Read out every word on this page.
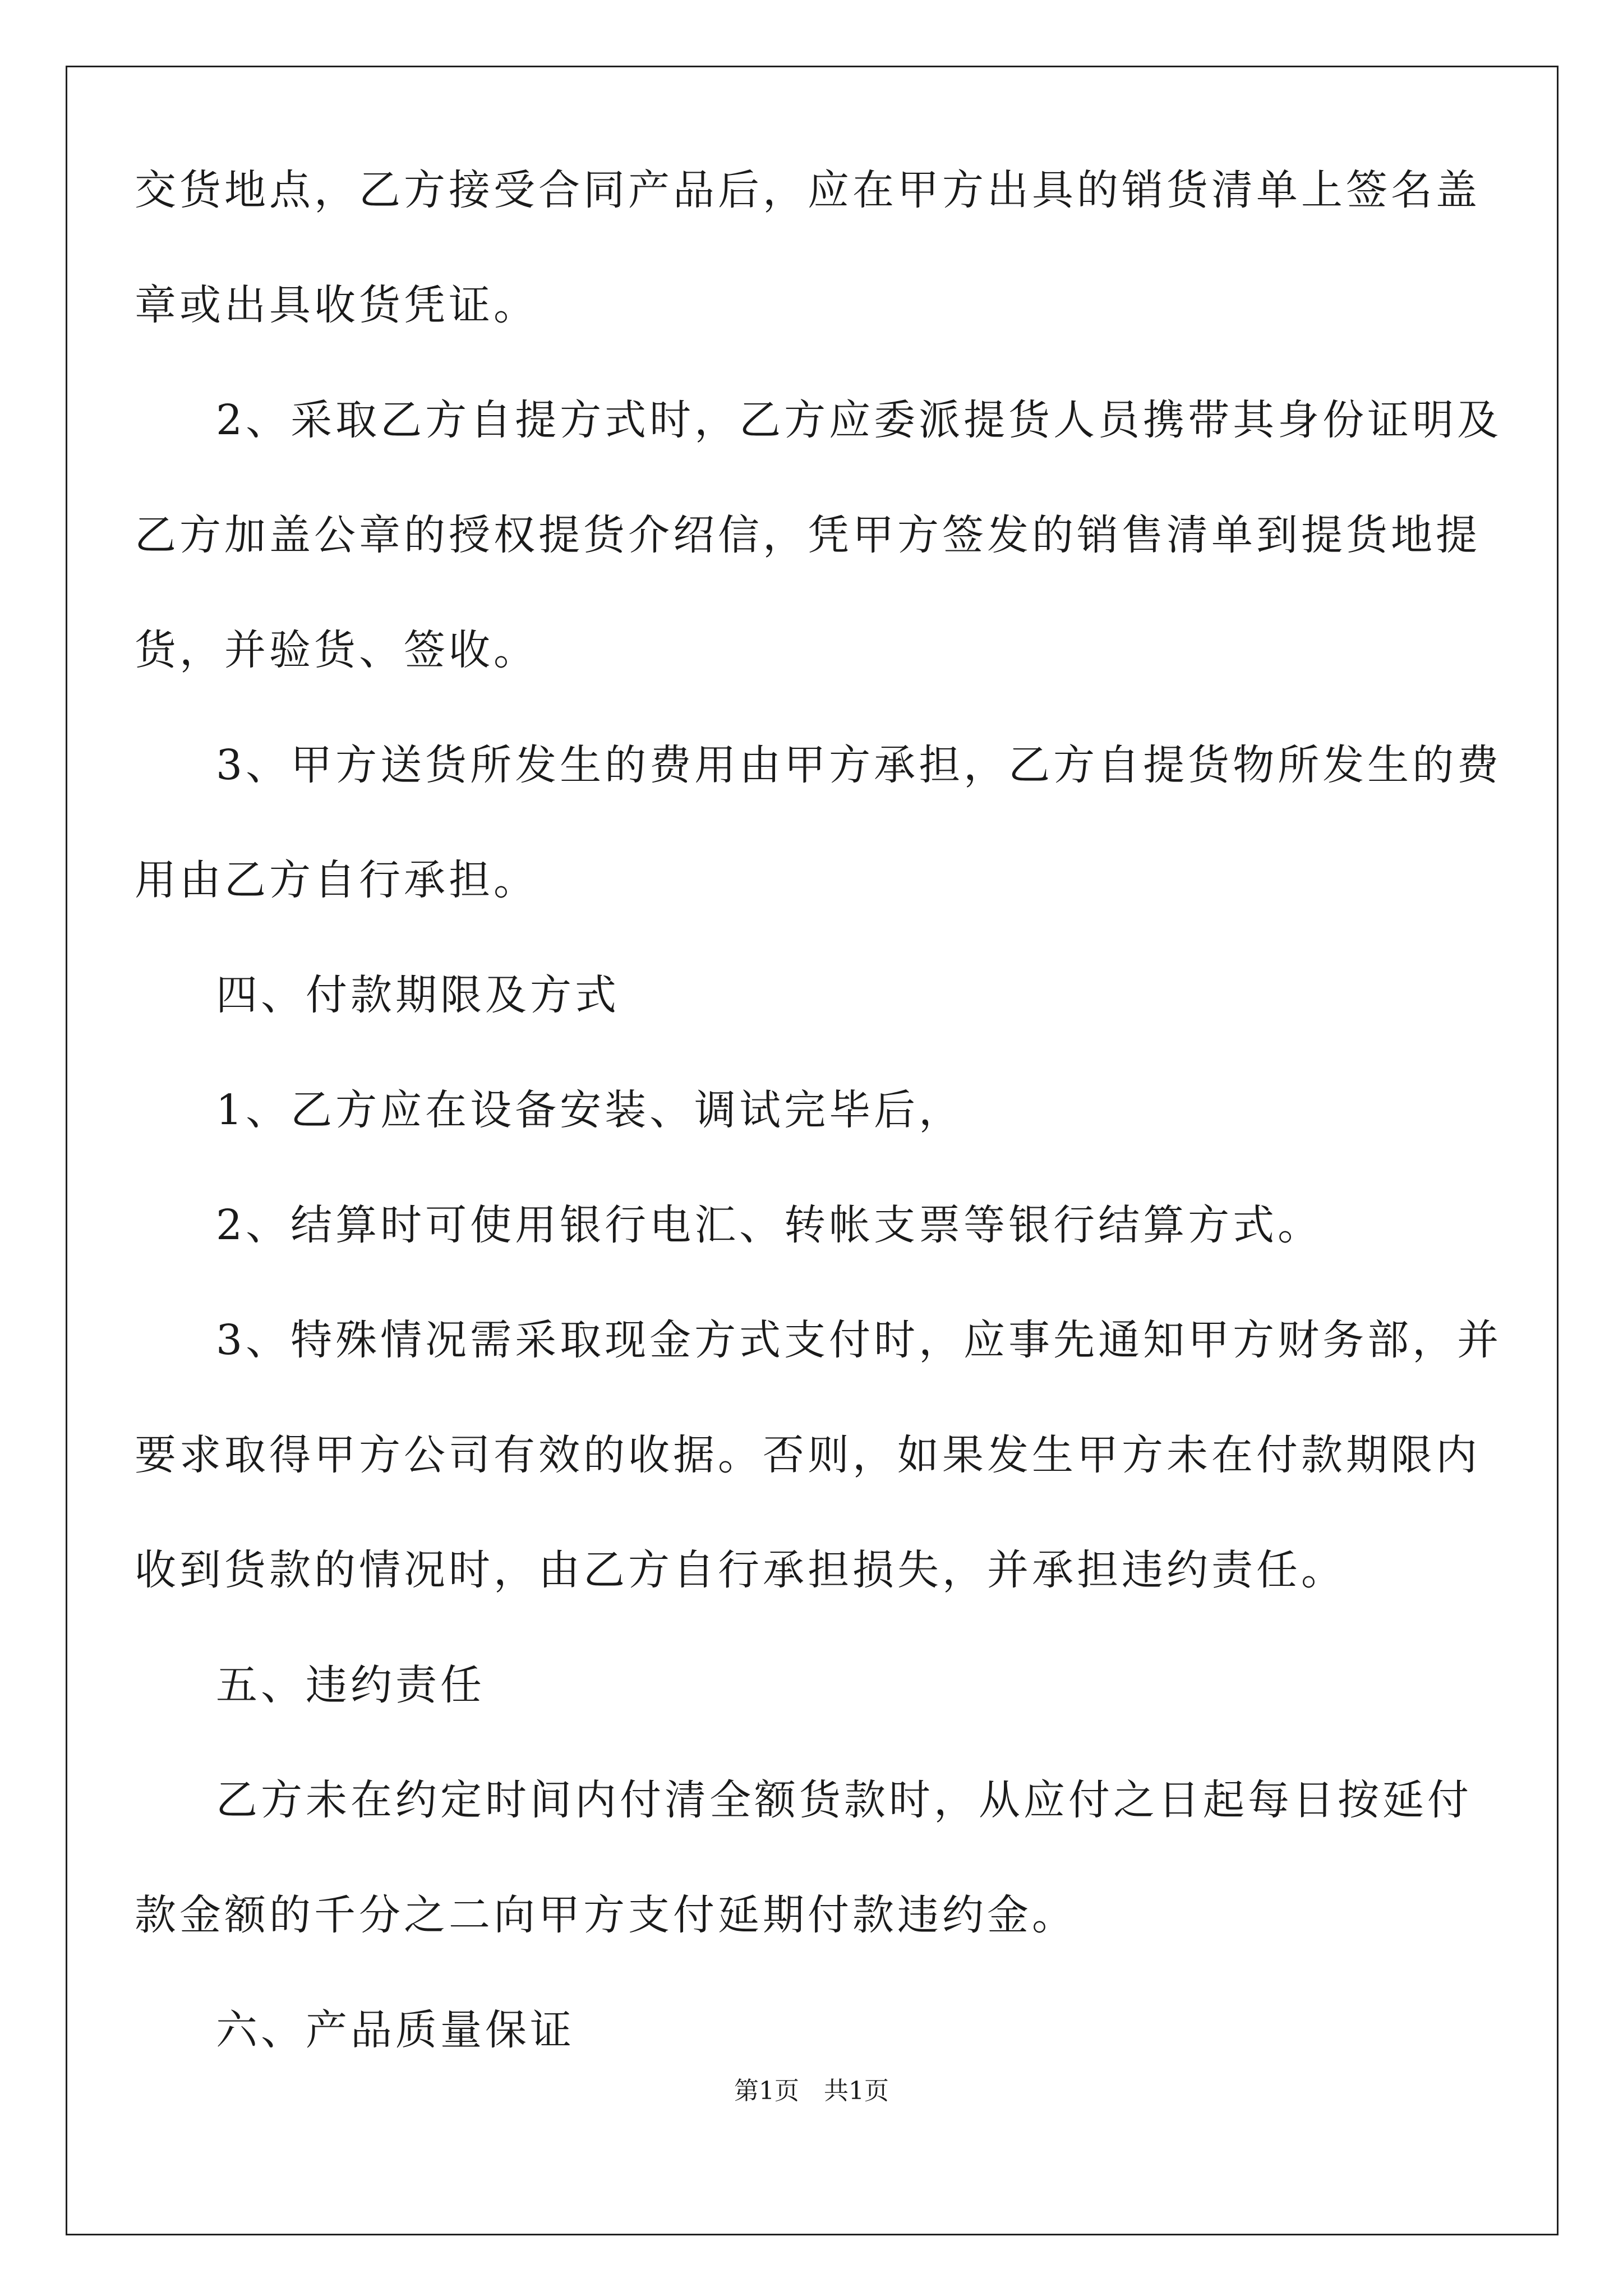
交货地点，乙方接受合同产品后，应在甲方出具的销货清单上签名盖
章或出具收货凭证。
2、采取乙方自提方式时，乙方应委派提货人员携带其身份证明及
乙方加盖公章的授权提货介绍信，凭甲方签发的销售清单到提货地提
货，并验货、签收。
3、甲方送货所发生的费用由甲方承担，乙方自提货物所发生的费
用由乙方自行承担。
四、付款期限及方式
1、乙方应在设备安装、调试完毕后，
2、结算时可使用银行电汇、转帐支票等银行结算方式。
3、特殊情况需采取现金方式支付时，应事先通知甲方财务部，并
要求取得甲方公司有效的收据。否则，如果发生甲方未在付款期限内
收到货款的情况时，由乙方自行承担损失，并承担违约责任。
五、违约责任
乙方未在约定时间内付清全额货款时，从应付之日起每日按延付
款金额的千分之二向甲方支付延期付款违约金。
六、产品质量保证
第1页　共1页
